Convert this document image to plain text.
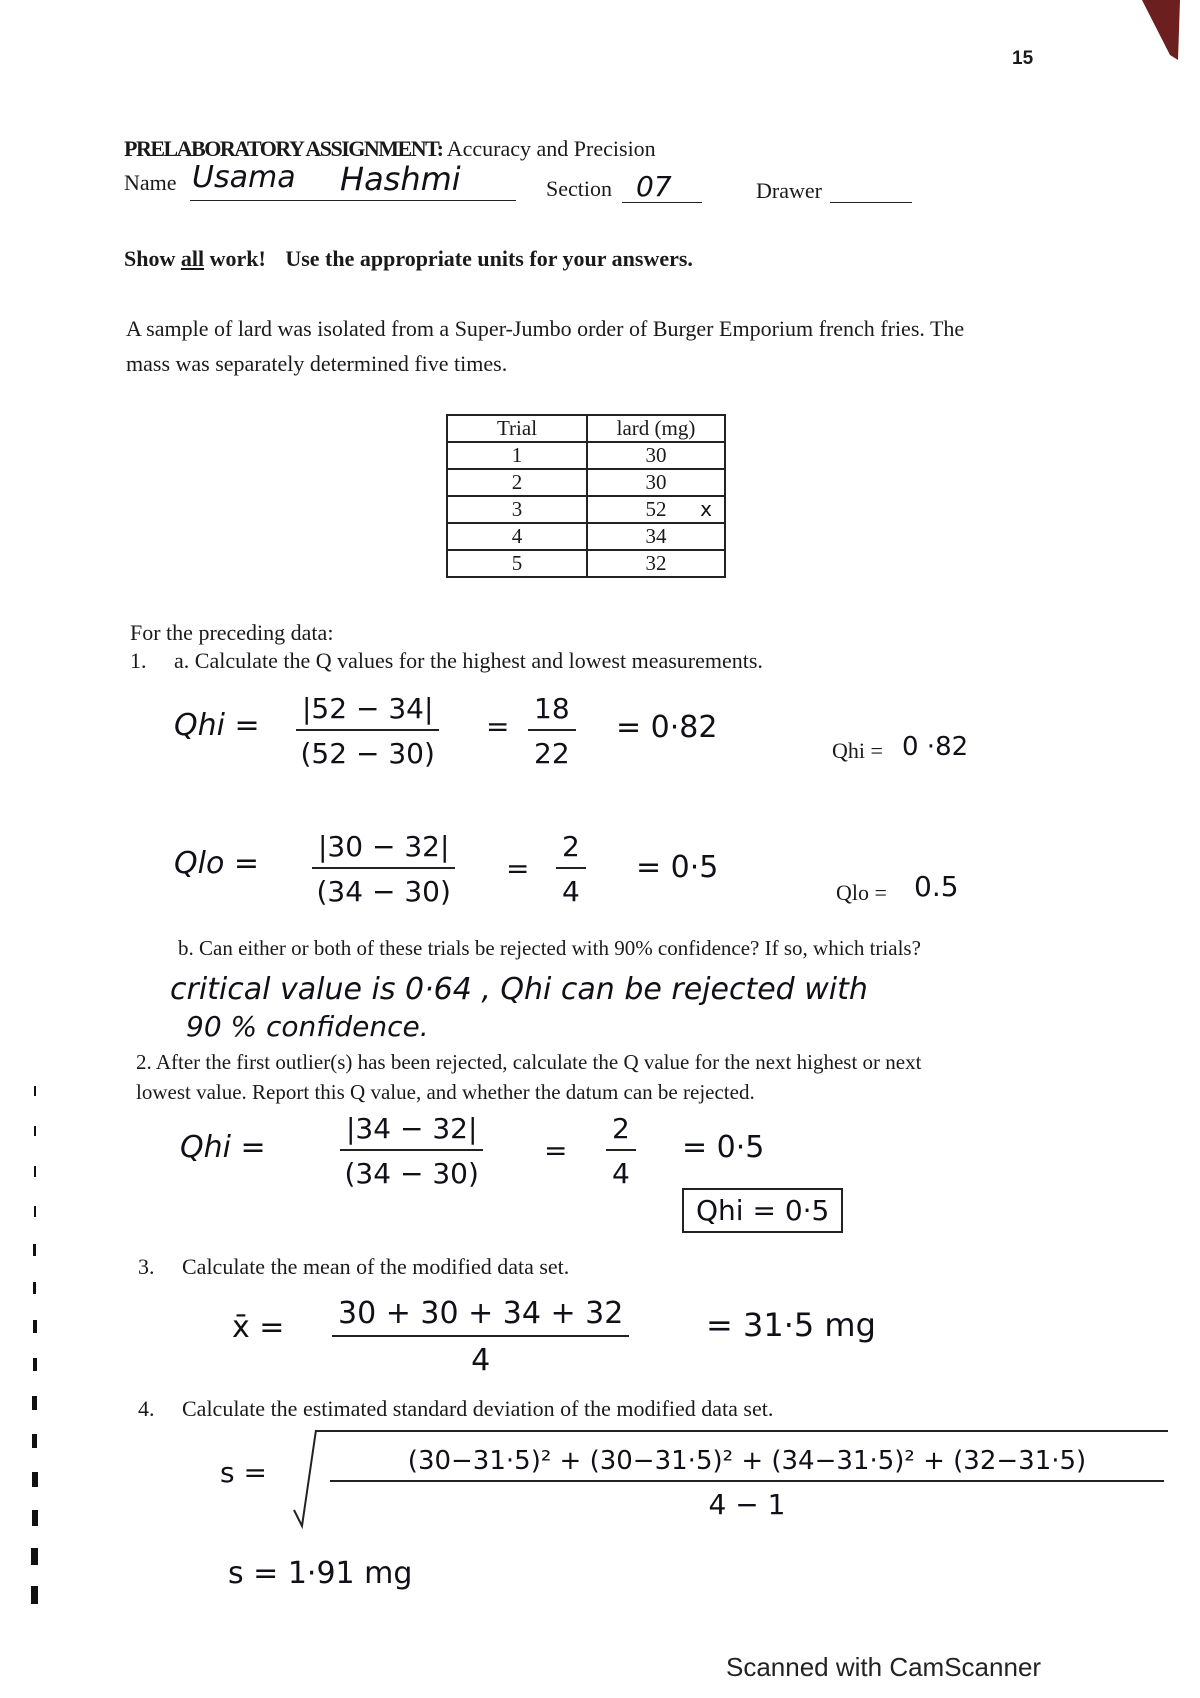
15
PRELABORATORY ASSIGNMENT: Accuracy and Precision
Name Usama Hashmi	Section 07	Drawer
Show all work! Use the appropriate units for your answers.
A sample of lard was isolated from a Super-Jumbo order of Burger Emporium french fries. The
mass was separately determined five times.
Trial	lard (mg)
1	30
2	30
3	52 x

4	34
5	32
For the preceding data:
1. a. Calculate the Q values for the highest and lowest measurements.
Qhi = $\frac{|52 - 34|}{(52 - 30)} = \frac{18}{22} = 0\cdot 82$
Qhi = 0 ·82
Qlo = $\frac{|30 - 32|}{(34 - 30)} = \frac{2}{4} = 0\cdot 5$
Qlo = 0.5
b. Can either or both of these trials be rejected with 90% confidence? If so, which trials?
critical value is 0·64 , Qhi can be rejected with
90 % confidence.
2. After the first outlier(s) has been rejected, calculate the Q value for the next highest or next
lowest value. Report this Q value, and whether the datum can be rejected.
Qhi =	$\frac{|34 - 32|}{(34 - 30)} = \frac{2}{4} = 0\cdot 5$
Qhi = 0·5
3. Calculate the mean of the modified data set.
x̄ = $\frac{30 + 30 + 34 + 32}{4} = 31\cdot 5$ mg
4. Calculate the estimated standard deviation of the modified data set.
$s = \frac{\text{(30−31·5)² + (30−31·5)² + (34−31·5)² + (32−31·5)}}{4 - 1}$
s = 1·91 mg
Scanned with CamScanner
